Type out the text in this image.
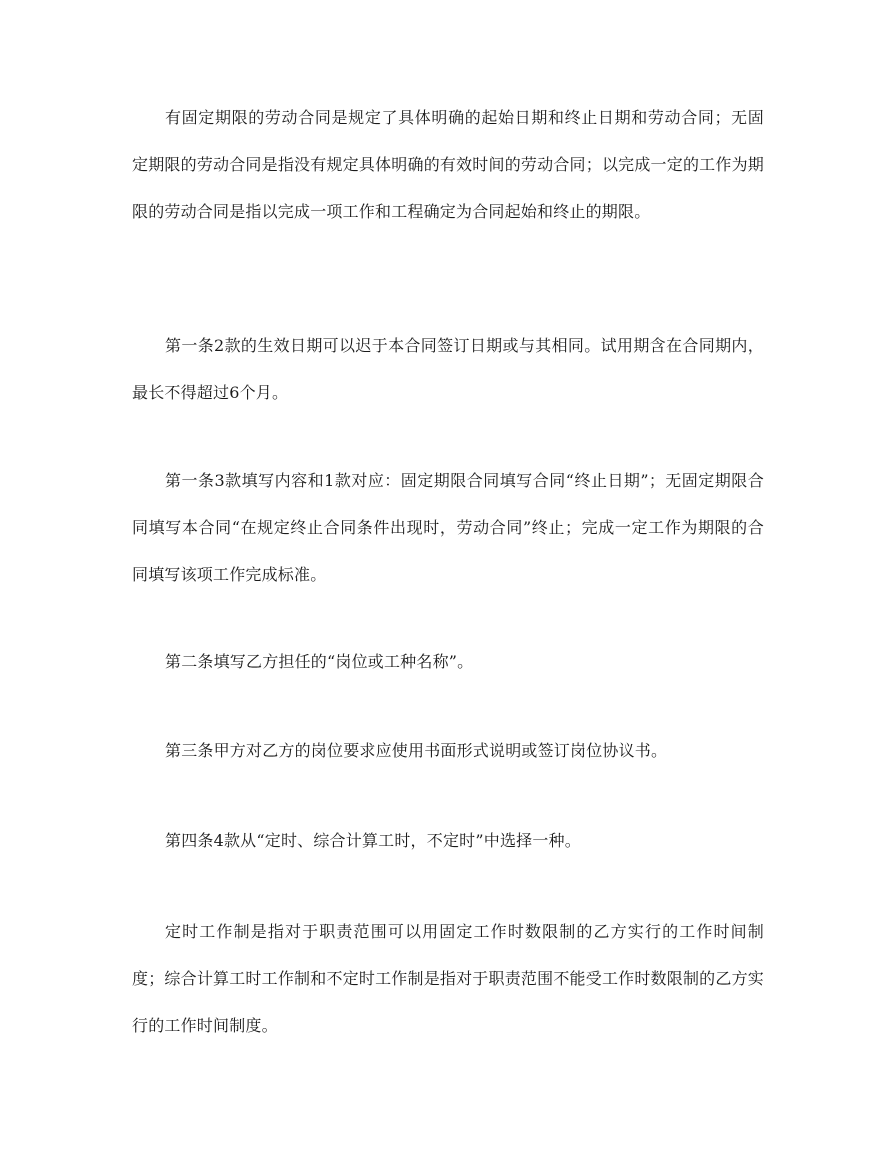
有固定期限的劳动合同是规定了具体明确的起始日期和终止日期和劳动合同；无固定期限的劳动合同是指没有规定具体明确的有效时间的劳动合同；以完成一定的工作为期限的劳动合同是指以完成一项工作和工程确定为合同起始和终止的期限。

第一条2款的生效日期可以迟于本合同签订日期或与其相同。试用期含在合同期内，最长不得超过6个月。

第一条3款填写内容和1款对应：固定期限合同填写合同“终止日期”；无固定期限合同填写本合同“在规定终止合同条件出现时，劳动合同”终止；完成一定工作为期限的合同填写该项工作完成标准。

第二条填写乙方担任的“岗位或工种名称”。

第三条甲方对乙方的岗位要求应使用书面形式说明或签订岗位协议书。

第四条4款从“定时、综合计算工时，不定时”中选择一种。

定时工作制是指对于职责范围可以用固定工作时数限制的乙方实行的工作时间制度；综合计算工时工作制和不定时工作制是指对于职责范围不能受工作时数限制的乙方实行的工作时间制度。
